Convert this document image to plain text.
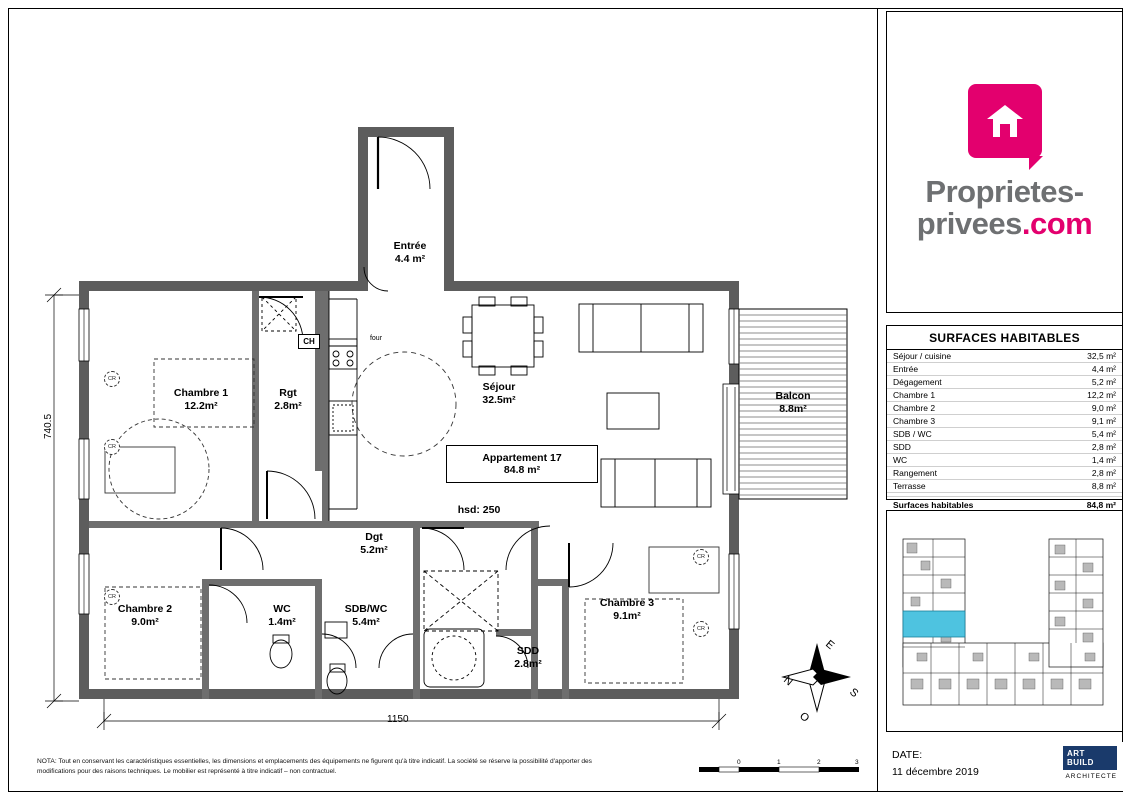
Entrée
4.4 m²
Chambre 1
12.2m²
Rgt
2.8m²
Séjour
32.5m²	Balcon
8.8m²
Chambre 2
9.0m²
WC
1.4m²
SDB/WC
5.4m²
Dgt
5.2m²
SDD
2.8m²
Chambre 3
9.1m²
Appartement 17
84.8 m²
hsd: 250
CH	four
CR
CR
CR
CR
CR
1150
740.5
E
N
S
O
0	1	2	3
NOTA: Tout en conservant les caractéristiques essentielles, les dimensions et emplacements des équipements ne figurent qu'à titre indicatif. La société se réserve la possibilité d'apporter des modifications pour des raisons techniques. Le mobilier est représenté à titre indicatif – non contractuel.
Proprietes-
privees.com
SURFACES HABITABLES
Séjour / cuisine	32,5 m²
Entrée	4,4 m²
Dégagement	5,2 m²
Chambre 1	12,2 m²
Chambre 2	9,0 m²
Chambre 3	9,1 m²
SDB / WC	5,4 m²
SDD	2,8 m²
WC	1,4 m²
Rangement	2,8 m²
Terrasse	8,8 m²

Surfaces habitables	84,8 m²
DATE:
11 décembre 2019
ART
BUILD
ARCHITECTE
